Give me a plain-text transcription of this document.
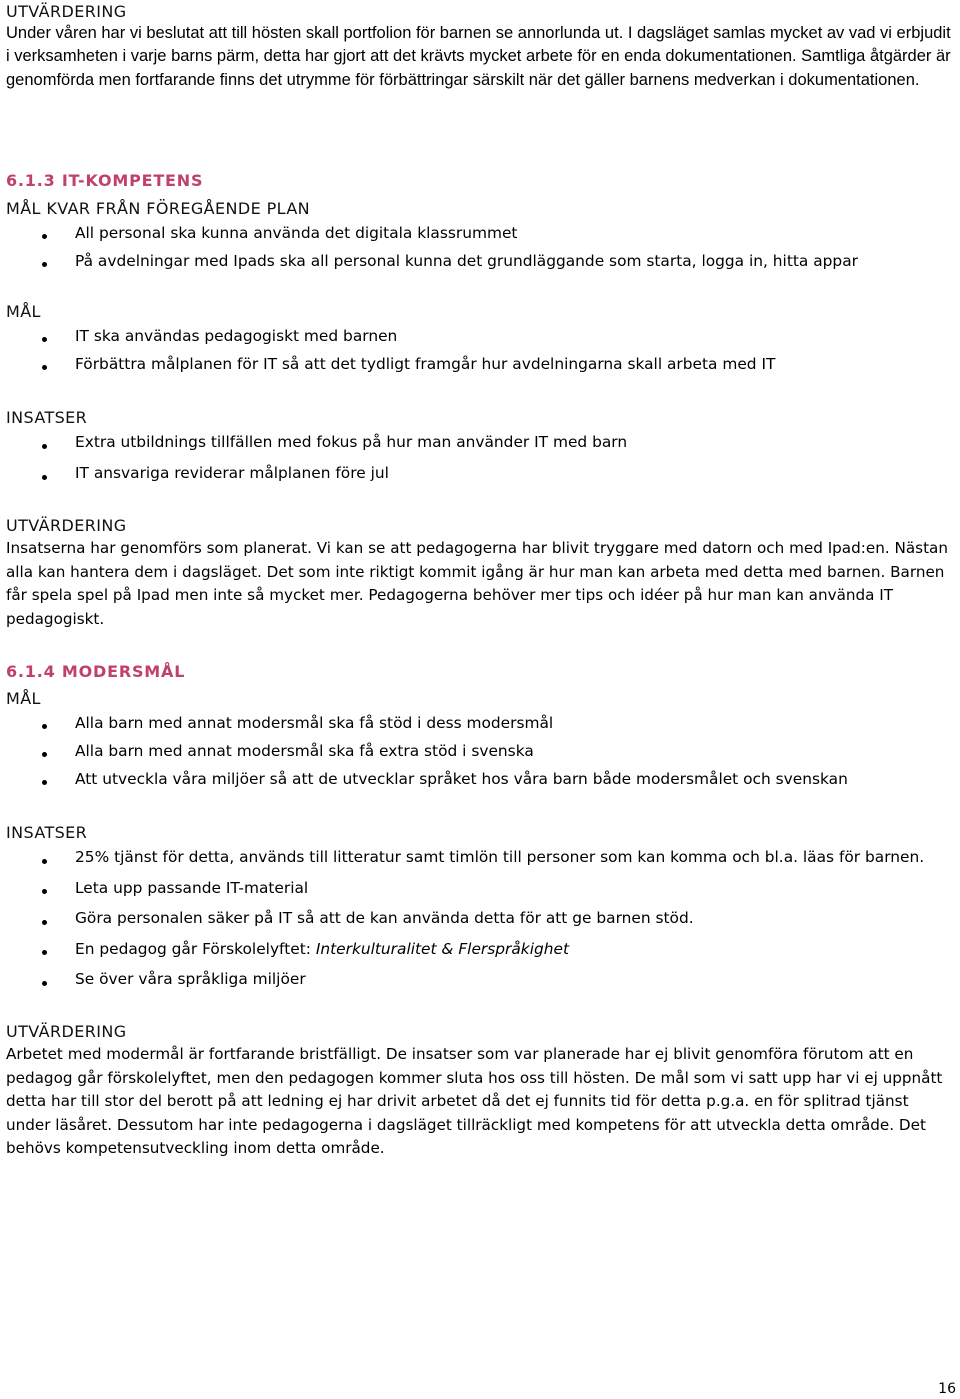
UTVÄRDERING

Under våren har vi beslutat att till hösten skall portfolion för barnen se annorlunda ut. I dagsläget samlas mycket av vad vi erbjudit i verksamheten i varje barns pärm, detta har gjort att det krävts mycket arbete för en enda dokumentationen. Samtliga åtgärder är genomförda men fortfarande finns det utrymme för förbättringar särskilt när det gäller barnens medverkan i dokumentationen.

6.1.3 IT-KOMPETENS
MÅL KVAR FRÅN FÖREGÅENDE PLAN
All personal ska kunna använda det digitala klassrummet
På avdelningar med Ipads ska all personal kunna det grundläggande som starta, logga in, hitta appar
MÅL
IT ska användas pedagogiskt med barnen
Förbättra målplanen för IT så att det tydligt framgår hur avdelningarna skall arbeta med IT
INSATSER
Extra utbildnings tillfällen med fokus på hur man använder IT med barn
IT ansvariga reviderar målplanen före jul
UTVÄRDERING

Insatserna har genomförs som planerat. Vi kan se att pedagogerna har blivit tryggare med datorn och med Ipad:en. Nästan alla kan hantera dem i dagsläget. Det som inte riktigt kommit igång är hur man kan arbeta med detta med barnen. Barnen får spela spel på Ipad men inte så mycket mer. Pedagogerna behöver mer tips och idéer på hur man kan använda IT pedagogiskt.

6.1.4 MODERSMÅL
MÅL
Alla barn med annat modersmål ska få stöd i dess modersmål
Alla barn med annat modersmål ska få extra stöd i svenska
Att utveckla våra miljöer så att de utvecklar språket hos våra barn både modersmålet och svenskan
INSATSER
25% tjänst för detta, används till litteratur samt timlön till personer som kan komma och bl.a. läas för barnen.
Leta upp passande IT-material
Göra personalen säker på IT så att de kan använda detta för att ge barnen stöd.
En pedagog går Förskolelyftet: Interkulturalitet & Flerspråkighet
Se över våra språkliga miljöer
UTVÄRDERING

Arbetet med modermål är fortfarande bristfälligt. De insatser som var planerade har ej blivit genomföra förutom att en pedagog går förskolelyftet, men den pedagogen kommer sluta hos oss till hösten. De mål som vi satt upp har vi ej uppnått detta har till stor del berott på att ledning ej har drivit arbetet då det ej funnits tid för detta p.g.a. en för splitrad tjänst under läsåret. Dessutom har inte pedagogerna i dagsläget tillräckligt med kompetens för att utveckla detta område. Det behövs kompetensutveckling inom detta område.

16
